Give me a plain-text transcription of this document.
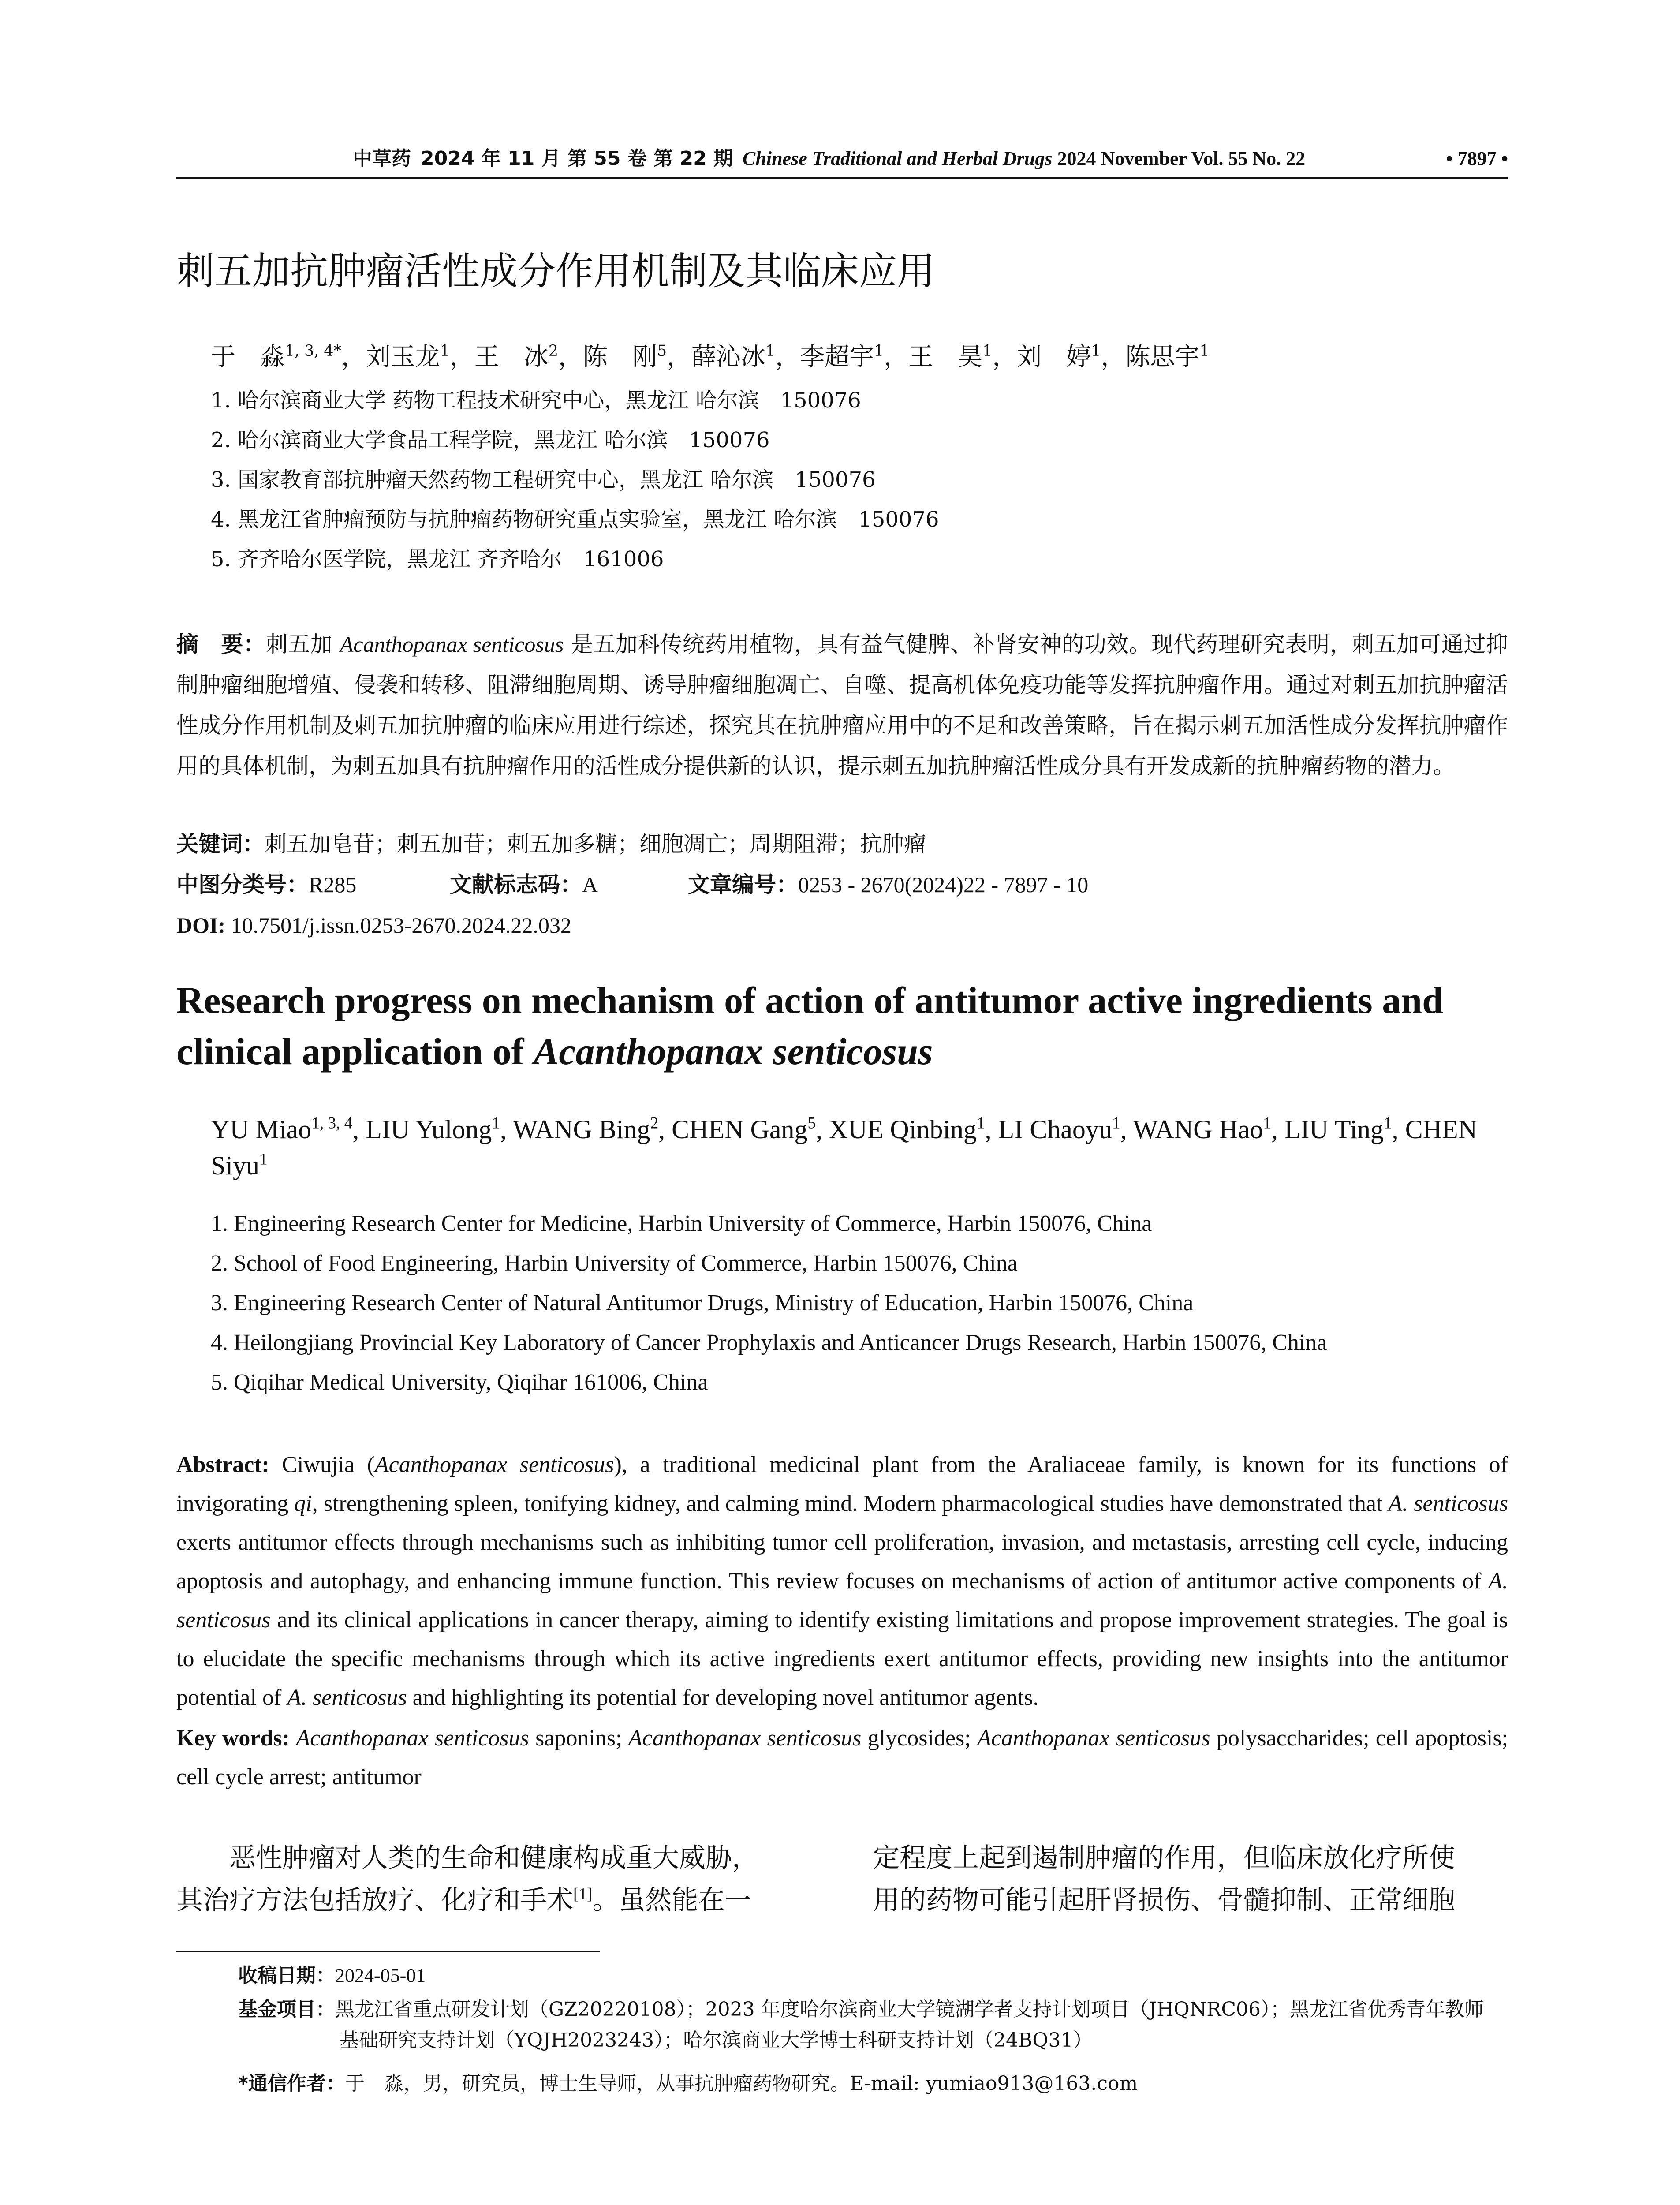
中草药 2024 年 11 月 第 55 卷 第 22 期 Chinese Traditional and Herbal Drugs 2024 November Vol. 55 No. 22	• 7897 •
刺五加抗肿瘤活性成分作用机制及其临床应用
于　淼$^{1, 3, 4*}$，刘玉龙$^1$，王　冰$^2$，陈　刚$^5$，薛沁冰$^1$，李超宇$^1$，王　昊$^1$，刘　婷$^1$，陈思宇$^1$
1. 哈尔滨商业大学 药物工程技术研究中心，黑龙江 哈尔滨　150076
2. 哈尔滨商业大学食品工程学院，黑龙江 哈尔滨　150076
3. 国家教育部抗肿瘤天然药物工程研究中心，黑龙江 哈尔滨　150076
4. 黑龙江省肿瘤预防与抗肿瘤药物研究重点实验室，黑龙江 哈尔滨　150076
5. 齐齐哈尔医学院，黑龙江 齐齐哈尔　161006
摘　要：刺五加 Acanthopanax senticosus 是五加科传统药用植物，具有益气健脾、补肾安神的功效。现代药理研究表明，刺五加可通过抑制肿瘤细胞增殖、侵袭和转移、阻滞细胞周期、诱导肿瘤细胞凋亡、自噬、提高机体免疫功能等发挥抗肿瘤作用。通过对刺五加抗肿瘤活性成分作用机制及刺五加抗肿瘤的临床应用进行综述，探究其在抗肿瘤应用中的不足和改善策略，旨在揭示刺五加活性成分发挥抗肿瘤作用的具体机制，为刺五加具有抗肿瘤作用的活性成分提供新的认识，提示刺五加抗肿瘤活性成分具有开发成新的抗肿瘤药物的潜力。
关键词：刺五加皂苷；刺五加苷；刺五加多糖；细胞凋亡；周期阻滞；抗肿瘤
中图分类号：R285	文献标志码：A	文章编号：0253 - 2670(2024)22 - 7897 - 10
DOI: 10.7501/j.issn.0253-2670.2024.22.032
Research progress on mechanism of action of antitumor active ingredients and
clinical application of Acanthopanax senticosus
YU Miao$^{1, 3, 4}$, LIU Yulong$^1$, WANG Bing$^2$, CHEN Gang$^5$, XUE Qinbing$^1$, LI Chaoyu$^1$, WANG Hao$^1$, LIU Ting$^1$, CHEN Siyu$^1$
1. Engineering Research Center for Medicine, Harbin University of Commerce, Harbin 150076, China
2. School of Food Engineering, Harbin University of Commerce, Harbin 150076, China
3. Engineering Research Center of Natural Antitumor Drugs, Ministry of Education, Harbin 150076, China
4. Heilongjiang Provincial Key Laboratory of Cancer Prophylaxis and Anticancer Drugs Research, Harbin 150076, China
5. Qiqihar Medical University, Qiqihar 161006, China
Abstract: Ciwujia (Acanthopanax senticosus), a traditional medicinal plant from the Araliaceae family, is known for its functions of invigorating qi, strengthening spleen, tonifying kidney, and calming mind. Modern pharmacological studies have demonstrated that A. senticosus exerts antitumor effects through mechanisms such as inhibiting tumor cell proliferation, invasion, and metastasis, arresting cell cycle, inducing apoptosis and autophagy, and enhancing immune function. This review focuses on mechanisms of action of antitumor active components of A. senticosus and its clinical applications in cancer therapy, aiming to identify existing limitations and propose improvement strategies. The goal is to elucidate the specific mechanisms through which its active ingredients exert antitumor effects, providing new insights into the antitumor potential of A. senticosus and highlighting its potential for developing novel antitumor agents.
Key words: Acanthopanax senticosus saponins; Acanthopanax senticosus glycosides; Acanthopanax senticosus polysaccharides; cell apoptosis; cell cycle arrest; antitumor
　　恶性肿瘤对人类的生命和健康构成重大威胁，
其治疗方法包括放疗、化疗和手术[1]。虽然能在一
定程度上起到遏制肿瘤的作用，但临床放化疗所使
用的药物可能引起肝肾损伤、骨髓抑制、正常细胞
收稿日期：2024-05-01
基金项目：黑龙江省重点研发计划（GZ20220108）；2023 年度哈尔滨商业大学镜湖学者支持计划项目（JHQNRC06）；黑龙江省优秀青年教师
基础研究支持计划（YQJH2023243）；哈尔滨商业大学博士科研支持计划（24BQ31）
*通信作者：于　淼，男，研究员，博士生导师，从事抗肿瘤药物研究。E-mail: yumiao913@163.com
